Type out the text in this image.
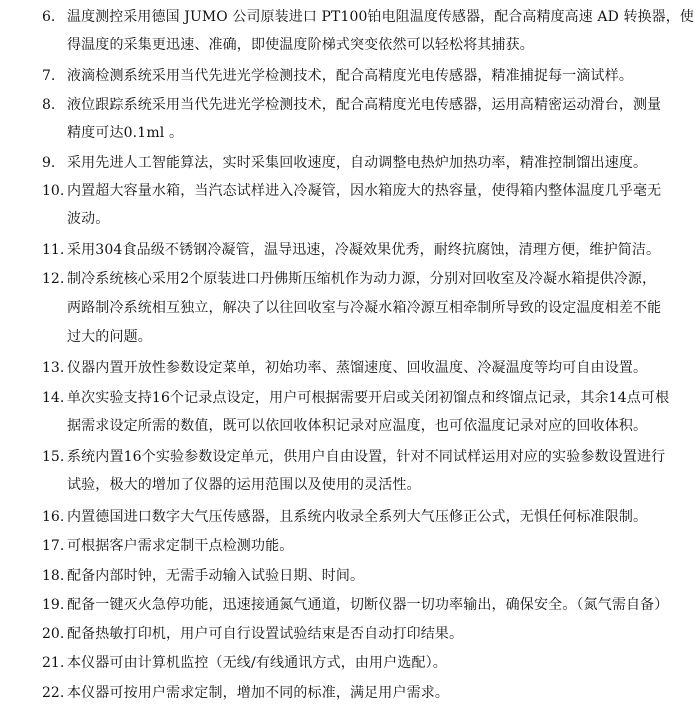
6. 温度测控采用德国 JUMO 公司原装进口 PT100铂电阻温度传感器，配合高精度高速 AD 转换器，使
得温度的采集更迅速、准确，即使温度阶梯式突变依然可以轻松将其捕获。
7. 液滴检测系统采用当代先进光学检测技术，配合高精度光电传感器，精准捕捉每一滴试样。
8. 液位跟踪系统采用当代先进光学检测技术，配合高精度光电传感器，运用高精密运动滑台，测量
精度可达0.1ml 。
9. 采用先进人工智能算法，实时采集回收速度，自动调整电热炉加热功率，精准控制馏出速度。
10. 内置超大容量水箱，当汽态试样进入冷凝管，因水箱庞大的热容量，使得箱内整体温度几乎毫无
波动。
11. 采用304食品级不锈钢冷凝管，温导迅速，冷凝效果优秀，耐终抗腐蚀，清理方便，维护简洁。
12. 制冷系统核心采用2个原装进口丹佛斯压缩机作为动力源，分别对回收室及冷凝水箱提供冷源，
两路制冷系统相互独立，解决了以往回收室与冷凝水箱冷源互相牵制所导致的设定温度相差不能
过大的问题。
13. 仪器内置开放性参数设定菜单，初始功率、蒸馏速度、回收温度、冷凝温度等均可自由设置。
14. 单次实验支持16个记录点设定，用户可根据需要开启或关闭初馏点和终馏点记录，其余14点可根
据需求设定所需的数值，既可以依回收体积记录对应温度，也可依温度记录对应的回收体积。
15. 系统内置16个实验参数设定单元，供用户自由设置，针对不同试样运用对应的实验参数设置进行
试验，极大的增加了仪器的运用范围以及使用的灵活性。
16. 内置德国进口数字大气压传感器，且系统内收录全系列大气压修正公式，无惧任何标准限制。
17. 可根据客户需求定制干点检测功能。
18. 配备内部时钟，无需手动输入试验日期、时间。
19. 配备一键灭火急停功能，迅速接通氮气通道，切断仪器一切功率输出，确保安全。（氮气需自备）
20. 配备热敏打印机，用户可自行设置试验结束是否自动打印结果。
21. 本仪器可由计算机监控（无线/有线通讯方式，由用户选配）。
22. 本仪器可按用户需求定制，增加不同的标准，满足用户需求。
